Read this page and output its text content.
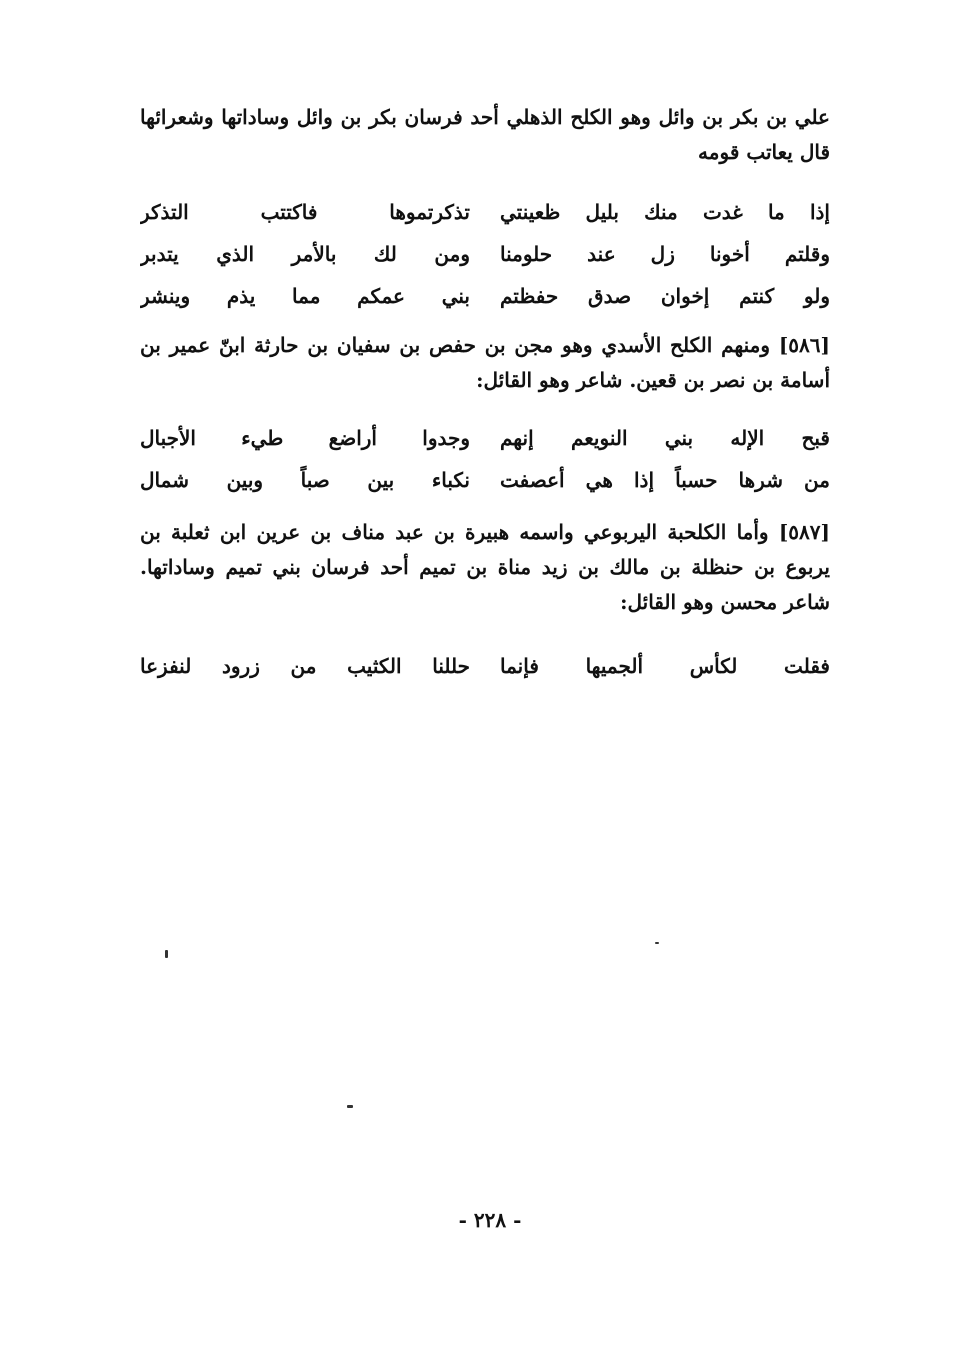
علي بن بكر بن وائل وهو الكلح الذهلي أحد فرسان بكر بن وائل وساداتها وشعرائها قال يعاتب قومه

إذا ما غدت منك بليل ظعينتي
تذكرتموها فاكتتب التذكر
وقلتم أخونا زل عند حلومنا
ومن لك بالأمر الذي يتدبر
ولو كنتم إخوان صدق حفظتم
بني عمكم مما يذم وينشر

[٥٨٦] ومنهم الكلح الأسدي وهو مجن بن حفص بن سفيان بن حارثة ابنّ عمير بن أسامة بن نصر بن قعين. شاعر وهو القائل:

قبح الإله بني النويعم إنهم
وجدوا أراضع طيء الأجبال
من شرها حسباً إذا هي أعصفت
نكباء بين صباً وبين شمال

[٥٨٧] وأما الكلحبة اليربوعي واسمه هبيرة بن عبد مناف بن عرين ابن ثعلبة بن يربوع بن حنظلة بن مالك بن زيد مناة بن تميم أحد فرسان بني تميم وساداتها. شاعر محسن وهو القائل:

فقلت لكأس ألجميها فإنما
حللنا الكثيب من زرود لنفزعا
- ٢٢٨ -
